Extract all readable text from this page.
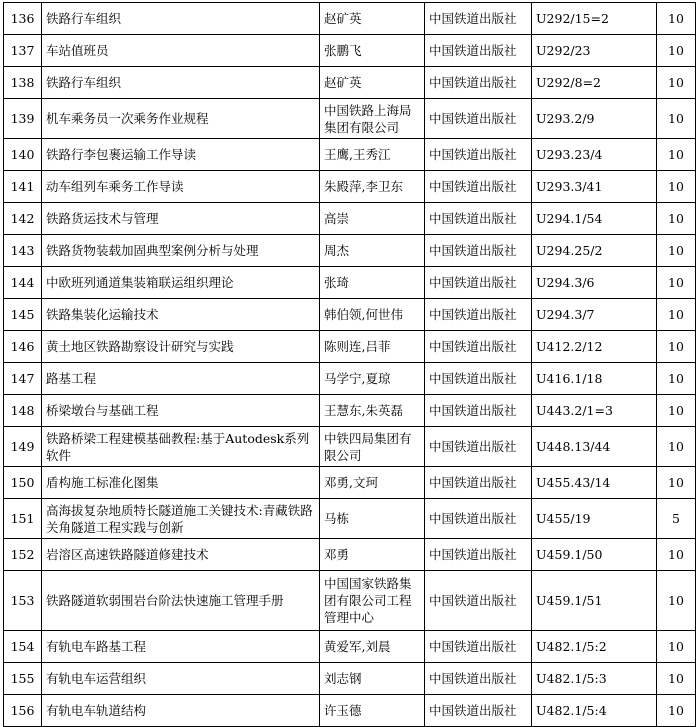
136	铁路行车组织	赵矿英	中国铁道出版社	U292/15=2	10
137	车站值班员	张鹏飞	中国铁道出版社	U292/23	10
138	铁路行车组织	赵矿英	中国铁道出版社	U292/8=2	10
139	机车乘务员一次乘务作业规程	中国铁路上海局集团有限公司	中国铁道出版社	U293.2/9	10
140	铁路行李包裹运输工作导读	王鹰,王秀江	中国铁道出版社	U293.23/4	10
141	动车组列车乘务工作导读	朱殿萍,李卫东	中国铁道出版社	U293.3/41	10
142	铁路货运技术与管理	高崇	中国铁道出版社	U294.1/54	10
143	铁路货物装载加固典型案例分析与处理	周杰	中国铁道出版社	U294.25/2	10
144	中欧班列通道集装箱联运组织理论	张琦	中国铁道出版社	U294.3/6	10
145	铁路集装化运输技术	韩伯领,何世伟	中国铁道出版社	U294.3/7	10
146	黄土地区铁路勘察设计研究与实践	陈则连,吕菲	中国铁道出版社	U412.2/12	10
147	路基工程	马学宁,夏琼	中国铁道出版社	U416.1/18	10
148	桥梁墩台与基础工程	王慧东,朱英磊	中国铁道出版社	U443.2/1=3	10
149	铁路桥梁工程建模基础教程:基于Autodesk系列软件	中铁四局集团有限公司	中国铁道出版社	U448.13/44	10
150	盾构施工标准化图集	邓勇,文珂	中国铁道出版社	U455.43/14	10
151	高海拔复杂地质特长隧道施工关键技术:青藏铁路关角隧道工程实践与创新	马栋	中国铁道出版社	U455/19	5
152	岩溶区高速铁路隧道修建技术	邓勇	中国铁道出版社	U459.1/50	10
153	铁路隧道软弱围岩台阶法快速施工管理手册	中国国家铁路集团有限公司工程管理中心	中国铁道出版社	U459.1/51	10
154	有轨电车路基工程	黄爱军,刘晨	中国铁道出版社	U482.1/5:2	10
155	有轨电车运营组织	刘志钢	中国铁道出版社	U482.1/5:3	10
156	有轨电车轨道结构	许玉德	中国铁道出版社	U482.1/5:4	10
